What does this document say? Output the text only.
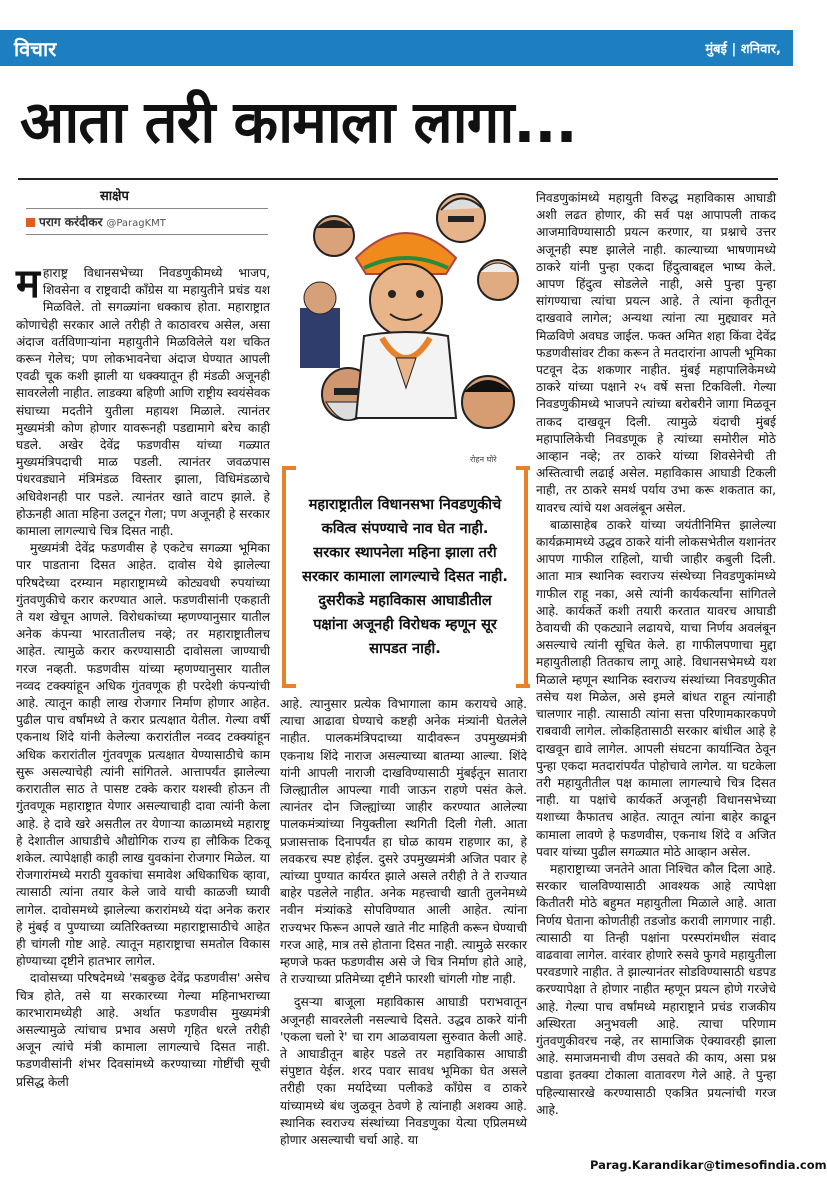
विचार	मुंबई | शनिवार,
आता तरी कामाला लागा...
साक्षेप
पराग करंदीकर @ParagKMT

महाराष्ट्र विधानसभेच्या निवडणुकीमध्ये भाजप, शिवसेना व राष्ट्रवादी काँग्रेस या महायुतीने प्रचंड यश मिळविले. तो सगळ्यांना धक्काच होता. महाराष्ट्रात कोणाचेही सरकार आले तरीही ते काठावरच असेल, असा अंदाज वर्तविणाऱ्यांना महायुतीने मिळविलेले यश चकित करून गेलेच; पण लोकभावनेचा अंदाज घेण्यात आपली एवढी चूक कशी झाली या धक्क्यातून ही मंडळी अजूनही सावरलेली नाहीत. लाडक्या बहिणी आणि राष्ट्रीय स्वयंसेवक संघाच्या मदतीने युतीला महायश मिळाले. त्यानंतर मुख्यमंत्री कोण होणार यावरूनही पडद्यामागे बरेच काही घडले. अखेर देवेंद्र फडणवीस यांच्या गळ्यात मुख्यमंत्रिपदाची माळ पडली. त्यानंतर जवळपास पंधरवड्याने मंत्रिमंडळ विस्तार झाला, विधिमंडळाचे अधिवेशनही पार पडले. त्यानंतर खाते वाटप झाले. हे होऊनही आता महिना उलटून गेला; पण अजूनही हे सरकार कामाला लागल्याचे चित्र दिसत नाही.

मुख्यमंत्री देवेंद्र फडणवीस हे एकटेच सगळ्या भूमिका पार पाडताना दिसत आहेत. दावोस येथे झालेल्या परिषदेच्या दरम्यान महाराष्ट्रामध्ये कोट्यवधी रुपयांच्या गुंतवणुकीचे करार करण्यात आले. फडणवीसांनी एकहाती ते यश खेचून आणले. विरोधकांच्या म्हणण्यानुसार यातील अनेक कंपन्या भारतातीलच नव्हे; तर महाराष्ट्रातीलच आहेत. त्यामुळे करार करण्यासाठी दावोसला जाण्याची गरज नव्हती. फडणवीस यांच्या म्हणण्यानुसार यातील नव्वद टक्क्यांहून अधिक गुंतवणूक ही परदेशी कंपन्यांची आहे. त्यातून काही लाख रोजगार निर्माण होणार आहेत. पुढील पाच वर्षांमध्ये ते करार प्रत्यक्षात येतील. गेल्या वर्षी एकनाथ शिंदे यांनी केलेल्या करारांतील नव्वद टक्क्यांहून अधिक करारांतील गुंतवणूक प्रत्यक्षात येण्यासाठीचे काम सुरू असल्याचेही त्यांनी सांगितले. आत्तापर्यंत झालेल्या करारातील साठ ते पासष्ट टक्के करार यशस्वी होऊन ती गुंतवणूक महाराष्ट्रात येणार असल्याचाही दावा त्यांनी केला आहे. हे दावे खरे असतील तर येणाऱ्या काळामध्ये महाराष्ट्र हे देशातील आघाडीचे औद्योगिक राज्य हा लौकिक टिकवू शकेल. त्यापेक्षाही काही लाख युवकांना रोजगार मिळेल. या रोजगारांमध्ये मराठी युवकांचा समावेश अधिकाधिक व्हावा, त्यासाठी त्यांना तयार केले जावे याची काळजी घ्यावी लागेल. दावोसमध्ये झालेल्या करारांमध्ये यंदा अनेक करार हे मुंबई व पुण्याच्या व्यतिरिक्तच्या महाराष्ट्रासाठीचे आहेत ही चांगली गोष्ट आहे. त्यातून महाराष्ट्राचा समतोल विकास होण्याच्या दृष्टीने हातभार लागेल.

दावोसच्या परिषदेमध्ये 'सबकुछ देवेंद्र फडणवीस' असेच चित्र होते, तसे या सरकारच्या गेल्या महिनाभराच्या कारभारामध्येही आहे. अर्थात फडणवीस मुख्यमंत्री असल्यामुळे त्यांचाच प्रभाव असणे गृहित धरले तरीही अजून त्यांचे मंत्री कामाला लागल्याचे दिसत नाही. फडणवीसांनी शंभर दिवसांमध्ये करण्याच्या गोष्टींची सूची प्रसिद्ध केली

रोहन घोरे
महाराष्ट्रातील विधानसभा निवडणुकीचे कवित्व संपण्याचे नाव घेत नाही. सरकार स्थापनेला महिना झाला तरी सरकार कामाला लागल्याचे दिसत नाही. दुसरीकडे महाविकास आघाडीतील पक्षांना अजूनही विरोधक म्हणून सूर सापडत नाही.

आहे. त्यानुसार प्रत्येक विभागाला काम करायचे आहे. त्याचा आढावा घेण्याचे कष्टही अनेक मंत्र्यांनी घेतलेले नाहीत. पालकमंत्रिपदाच्या यादीवरून उपमुख्यमंत्री एकनाथ शिंदे नाराज असल्याच्या बातम्या आल्या. शिंदे यांनी आपली नाराजी दाखविण्यासाठी मुंबईतून सातारा जिल्ह्यातील आपल्या गावी जाऊन राहणे पसंत केले. त्यानंतर दोन जिल्ह्यांच्या जाहीर करण्यात आलेल्या पालकमंत्र्यांच्या नियुक्तीला स्थगिती दिली गेली. आता प्रजासत्ताक दिनापर्यंत हा घोळ कायम राहणार का, हे लवकरच स्पष्ट होईल. दुसरे उपमुख्यमंत्री अजित पवार हे त्यांच्या पुण्यात कार्यरत झाले असले तरीही ते ते राज्यात बाहेर पडलेले नाहीत. अनेक महत्त्वाची खाती तुलनेमध्ये नवीन मंत्र्यांकडे सोपविण्यात आली आहेत. त्यांना राज्यभर फिरून आपले खाते नीट माहिती करून घेण्याची गरज आहे, मात्र तसे होताना दिसत नाही. त्यामुळे सरकार म्हणजे फक्त फडणवीस असे जे चित्र निर्माण होते आहे, ते राज्याच्या प्रतिमेच्या दृष्टीने फारशी चांगली गोष्ट नाही.

दुसऱ्या बाजूला महाविकास आघाडी पराभवातून अजूनही सावरलेली नसल्याचे दिसते. उद्धव ठाकरे यांनी 'एकला चलो रे' चा राग आळवायला सुरुवात केली आहे. ते आघाडीतून बाहेर पडले तर महाविकास आघाडी संपुष्टात येईल. शरद पवार सावध भूमिका घेत असले तरीही एका मर्यादेच्या पलीकडे काँग्रेस व ठाकरे यांच्यामध्ये बंध जुळवून ठेवणे हे त्यांनाही अशक्य आहे. स्थानिक स्वराज्य संस्थांच्या निवडणुका येत्या एप्रिलमध्ये होणार असल्याची चर्चा आहे. या

निवडणुकांमध्ये महायुती विरुद्ध महाविकास आघाडी अशी लढत होणार, की सर्व पक्ष आपापली ताकद आजमाविण्यासाठी प्रयत्न करणार, या प्रश्नाचे उत्तर अजूनही स्पष्ट झालेले नाही. काल्याच्या भाषणामध्ये ठाकरे यांनी पुन्हा एकदा हिंदुत्वाबद्दल भाष्य केले. आपण हिंदुत्व सोडलेले नाही, असे पुन्हा पुन्हा सांगण्याचा त्यांचा प्रयत्न आहे. ते त्यांना कृतीतून दाखवावे लागेल; अन्यथा त्यांना त्या मुद्द्यावर मते मिळविणे अवघड जाईल. फक्त अमित शहा किंवा देवेंद्र फडणवीसांवर टीका करून ते मतदारांना आपली भूमिका पटवून देऊ शकणार नाहीत. मुंबई महापालिकेमध्ये ठाकरे यांच्या पक्षाने २५ वर्षे सत्ता टिकविली. गेल्या निवडणुकीमध्ये भाजपने त्यांच्या बरोबरीने जागा मिळवून ताकद दाखवून दिली. त्यामुळे यंदाची मुंबई महापालिकेची निवडणूक हे त्यांच्या समोरील मोठे आव्हान नव्हे; तर ठाकरे यांच्या शिवसेनेची ती अस्तित्वाची लढाई असेल. महाविकास आघाडी टिकली नाही, तर ठाकरे समर्थ पर्याय उभा करू शकतात का, यावरच त्यांचे यश अवलंबून असेल.

बाळासाहेब ठाकरे यांच्या जयंतीनिमित्त झालेल्या कार्यक्रमामध्ये उद्धव ठाकरे यांनी लोकसभेतील यशानंतर आपण गाफील राहिलो, याची जाहीर कबुली दिली. आता मात्र स्थानिक स्वराज्य संस्थेच्या निवडणुकांमध्ये गाफील राहू नका, असे त्यांनी कार्यकर्त्यांना सांगितले आहे. कार्यकर्ते कशी तयारी करतात यावरच आघाडी ठेवायची की एकट्याने लढायचे, याचा निर्णय अवलंबून असल्याचे त्यांनी सूचित केले. हा गाफीलपणाचा मुद्दा महायुतीलाही तितकाच लागू आहे. विधानसभेमध्ये यश मिळाले म्हणून स्थानिक स्वराज्य संस्थांच्या निवडणुकीत तसेच यश मिळेल, असे इमले बांधत राहून त्यांनाही चालणार नाही. त्यासाठी त्यांना सत्ता परिणामकारकपणे राबवावी लागेल. लोकहितासाठी सरकार बांधील आहे हे दाखवून द्यावे लागेल. आपली संघटना कार्यान्वित ठेवून पुन्हा एकदा मतदारांपर्यंत पोहोचावे लागेल. या घटकेला तरी महायुतीतील पक्ष कामाला लागल्याचे चित्र दिसत नाही. या पक्षांचे कार्यकर्ते अजूनही विधानसभेच्या यशाच्या कैफातच आहेत. त्यातून त्यांना बाहेर काढून कामाला लावणे हे फडणवीस, एकनाथ शिंदे व अजित पवार यांच्या पुढील सगळ्यात मोठे आव्हान असेल.

महाराष्ट्राच्या जनतेने आता निश्चित कौल दिला आहे. सरकार चालविण्यासाठी आवश्यक आहे त्यापेक्षा कितीतरी मोठे बहुमत महायुतीला मिळाले आहे. आता निर्णय घेताना कोणतीही तडजोड करावी लागणार नाही. त्यासाठी या तिन्ही पक्षांना परस्परांमधील संवाद वाढवावा लागेल. वारंवार होणारे रुसवे फुगवे महायुतीला परवडणारे नाहीत. ते झाल्यानंतर सोडविण्यासाठी धडपड करण्यापेक्षा ते होणार नाहीत म्हणून प्रयत्न होणे गरजेचे आहे. गेल्या पाच वर्षांमध्ये महाराष्ट्राने प्रचंड राजकीय अस्थिरता अनुभवली आहे. त्याचा परिणाम गुंतवणुकीवरच नव्हे, तर सामाजिक ऐक्यावरही झाला आहे. समाजमनाची वीण उसवते की काय, असा प्रश्न पडावा इतक्या टोकाला वातावरण गेले आहे. ते पुन्हा पहिल्यासारखे करण्यासाठी एकत्रित प्रयत्नांची गरज आहे.

Parag.Karandikar@timesofindia.com
